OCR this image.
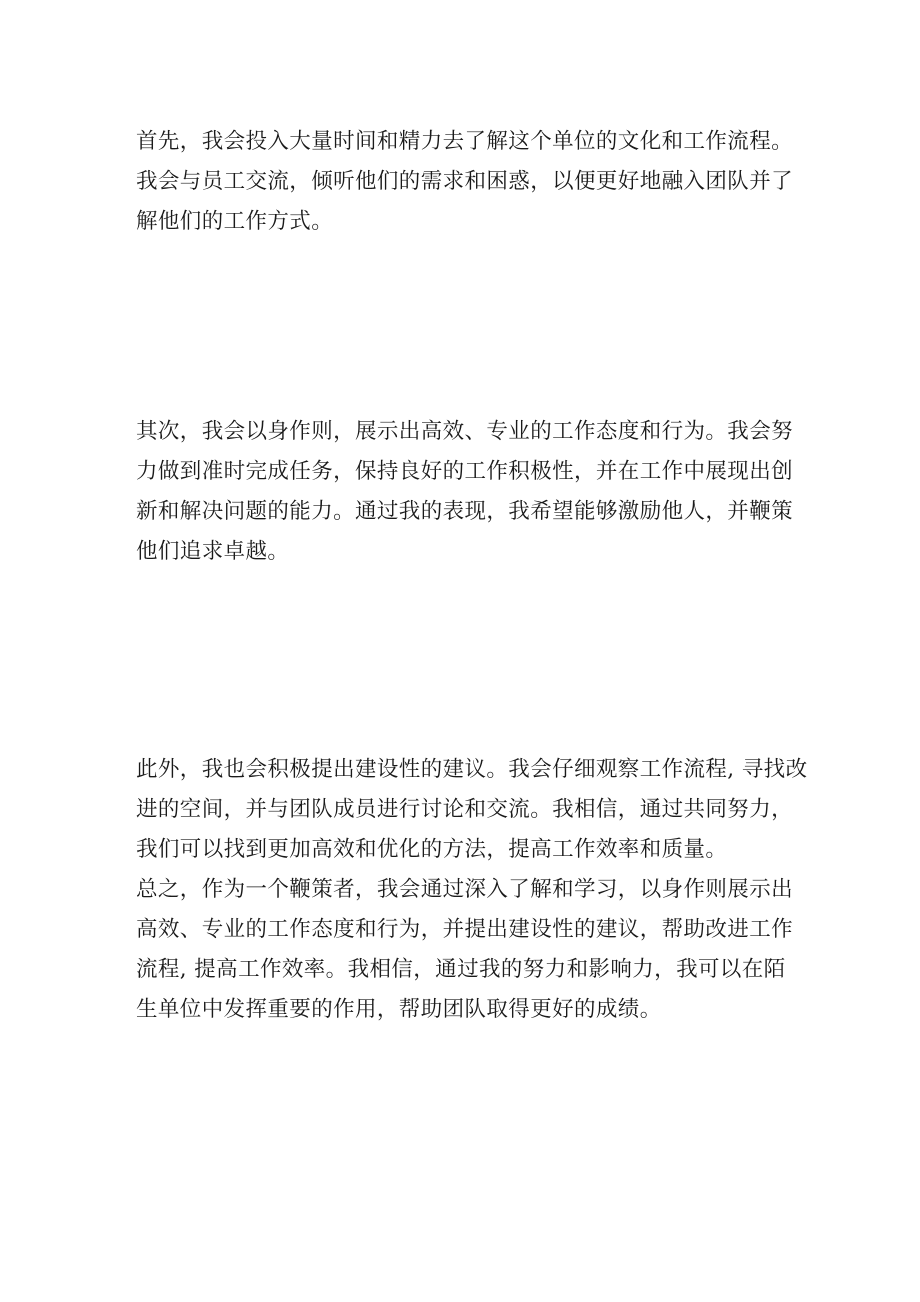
首先，我会投入大量时间和精力去了解这个单位的文化和工作流程。
我会与员工交流，倾听他们的需求和困惑，以便更好地融入团队并了
解他们的工作方式。

其次，我会以身作则，展示出高效、专业的工作态度和行为。我会努
力做到准时完成任务，保持良好的工作积极性，并在工作中展现出创
新和解决问题的能力。通过我的表现，我希望能够激励他人，并鞭策
他们追求卓越。

此外，我也会积极提出建设性的建议。我会仔细观察工作流程, 寻找改
进的空间，并与团队成员进行讨论和交流。我相信，通过共同努力，
我们可以找到更加高效和优化的方法，提高工作效率和质量。

总之，作为一个鞭策者，我会通过深入了解和学习，以身作则展示出
高效、专业的工作态度和行为，并提出建设性的建议，帮助改进工作
流程, 提高工作效率。我相信，通过我的努力和影响力，我可以在陌
生单位中发挥重要的作用，帮助团队取得更好的成绩。
